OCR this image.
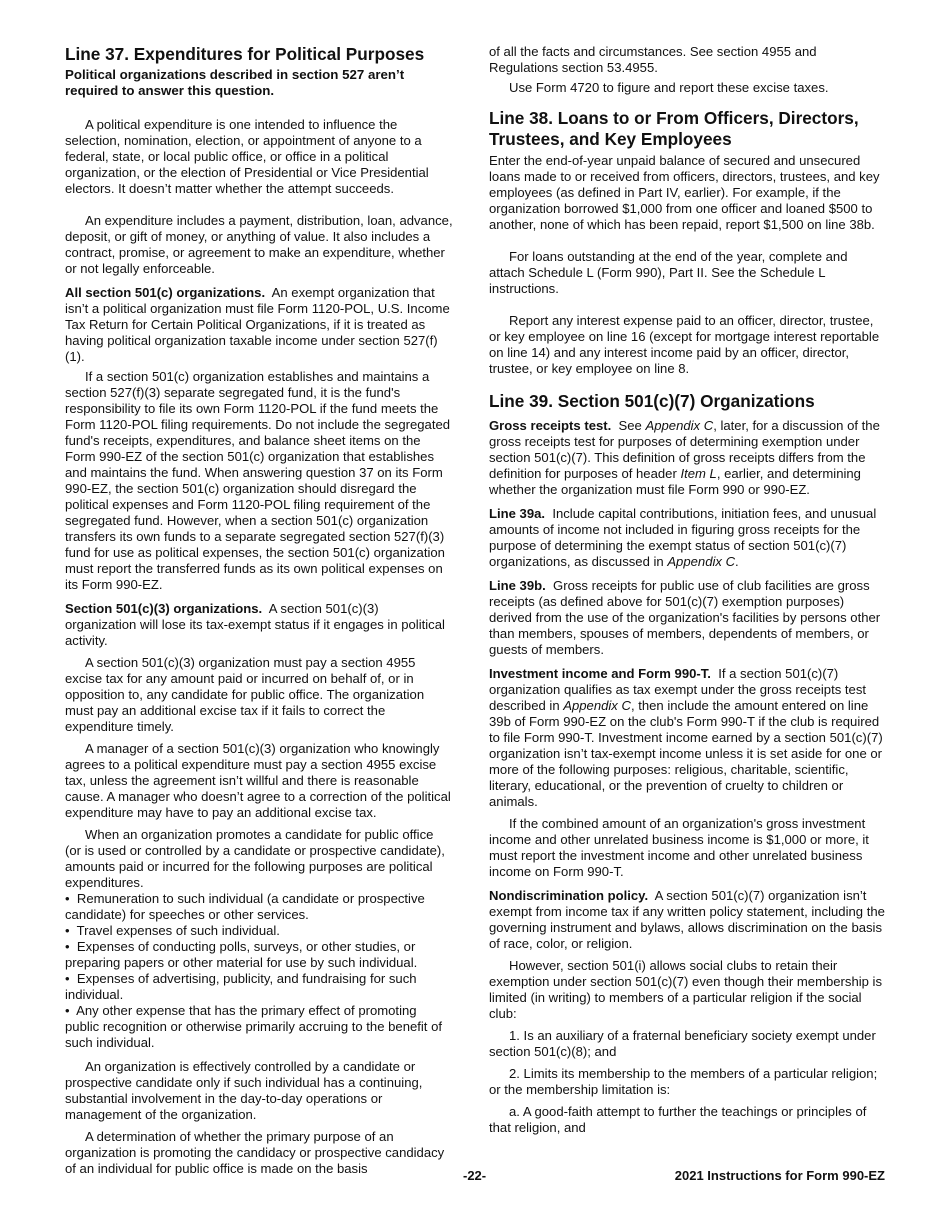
Line 37. Expenditures for Political Purposes

Political organizations described in section 527 aren’t required to answer this question.

A political expenditure is one intended to influence the selection, nomination, election, or appointment of anyone to a federal, state, or local public office, or office in a political organization, or the election of Presidential or Vice Presidential electors. It doesn’t matter whether the attempt succeeds.

An expenditure includes a payment, distribution, loan, advance, deposit, or gift of money, or anything of value. It also includes a contract, promise, or agreement to make an expenditure, whether or not legally enforceable.

All section 501(c) organizations. An exempt organization that isn’t a political organization must file Form 1120-POL, U.S. Income Tax Return for Certain Political Organizations, if it is treated as having political organization taxable income under section 527(f)(1).

If a section 501(c) organization establishes and maintains a section 527(f)(3) separate segregated fund, it is the fund's responsibility to file its own Form 1120-POL if the fund meets the Form 1120-POL filing requirements. Do not include the segregated fund's receipts, expenditures, and balance sheet items on the Form 990-EZ of the section 501(c) organization that establishes and maintains the fund. When answering question 37 on its Form 990-EZ, the section 501(c) organization should disregard the political expenses and Form 1120-POL filing requirement of the segregated fund. However, when a section 501(c) organization transfers its own funds to a separate segregated section 527(f)(3) fund for use as political expenses, the section 501(c) organization must report the transferred funds as its own political expenses on its Form 990-EZ.

Section 501(c)(3) organizations. A section 501(c)(3) organization will lose its tax-exempt status if it engages in political activity.

A section 501(c)(3) organization must pay a section 4955 excise tax for any amount paid or incurred on behalf of, or in opposition to, any candidate for public office. The organization must pay an additional excise tax if it fails to correct the expenditure timely.

A manager of a section 501(c)(3) organization who knowingly agrees to a political expenditure must pay a section 4955 excise tax, unless the agreement isn’t willful and there is reasonable cause. A manager who doesn’t agree to a correction of the political expenditure may have to pay an additional excise tax.

When an organization promotes a candidate for public office (or is used or controlled by a candidate or prospective candidate), amounts paid or incurred for the following purposes are political expenditures.

• Remuneration to such individual (a candidate or prospective candidate) for speeches or other services.

• Travel expenses of such individual.

• Expenses of conducting polls, surveys, or other studies, or preparing papers or other material for use by such individual.

• Expenses of advertising, publicity, and fundraising for such individual.

• Any other expense that has the primary effect of promoting public recognition or otherwise primarily accruing to the benefit of such individual.

An organization is effectively controlled by a candidate or prospective candidate only if such individual has a continuing, substantial involvement in the day-to-day operations or management of the organization.

A determination of whether the primary purpose of an organization is promoting the candidacy or prospective candidacy of an individual for public office is made on the basis

of all the facts and circumstances. See section 4955 and Regulations section 53.4955.

Use Form 4720 to figure and report these excise taxes.

Line 38. Loans to or From Officers, Directors, Trustees, and Key Employees

Enter the end-of-year unpaid balance of secured and unsecured loans made to or received from officers, directors, trustees, and key employees (as defined in Part IV, earlier). For example, if the organization borrowed $1,000 from one officer and loaned $500 to another, none of which has been repaid, report $1,500 on line 38b.

For loans outstanding at the end of the year, complete and attach Schedule L (Form 990), Part II. See the Schedule L instructions.

Report any interest expense paid to an officer, director, trustee, or key employee on line 16 (except for mortgage interest reportable on line 14) and any interest income paid by an officer, director, trustee, or key employee on line 8.

Line 39. Section 501(c)(7) Organizations

Gross receipts test. See Appendix C, later, for a discussion of the gross receipts test for purposes of determining exemption under section 501(c)(7). This definition of gross receipts differs from the definition for purposes of header Item L, earlier, and determining whether the organization must file Form 990 or 990-EZ.

Line 39a. Include capital contributions, initiation fees, and unusual amounts of income not included in figuring gross receipts for the purpose of determining the exempt status of section 501(c)(7) organizations, as discussed in Appendix C.

Line 39b. Gross receipts for public use of club facilities are gross receipts (as defined above for 501(c)(7) exemption purposes) derived from the use of the organization's facilities by persons other than members, spouses of members, dependents of members, or guests of members.

Investment income and Form 990-T. If a section 501(c)(7) organization qualifies as tax exempt under the gross receipts test described in Appendix C, then include the amount entered on line 39b of Form 990-EZ on the club's Form 990-T if the club is required to file Form 990-T. Investment income earned by a section 501(c)(7) organization isn’t tax-exempt income unless it is set aside for one or more of the following purposes: religious, charitable, scientific, literary, educational, or the prevention of cruelty to children or animals.

If the combined amount of an organization's gross investment income and other unrelated business income is $1,000 or more, it must report the investment income and other unrelated business income on Form 990-T.

Nondiscrimination policy. A section 501(c)(7) organization isn’t exempt from income tax if any written policy statement, including the governing instrument and bylaws, allows discrimination on the basis of race, color, or religion.

However, section 501(i) allows social clubs to retain their exemption under section 501(c)(7) even though their membership is limited (in writing) to members of a particular religion if the social club:

1. Is an auxiliary of a fraternal beneficiary society exempt under section 501(c)(8); and

2. Limits its membership to the members of a particular religion; or the membership limitation is:

a. A good-faith attempt to further the teachings or principles of that religion, and

-22-	2021 Instructions for Form 990-EZ
